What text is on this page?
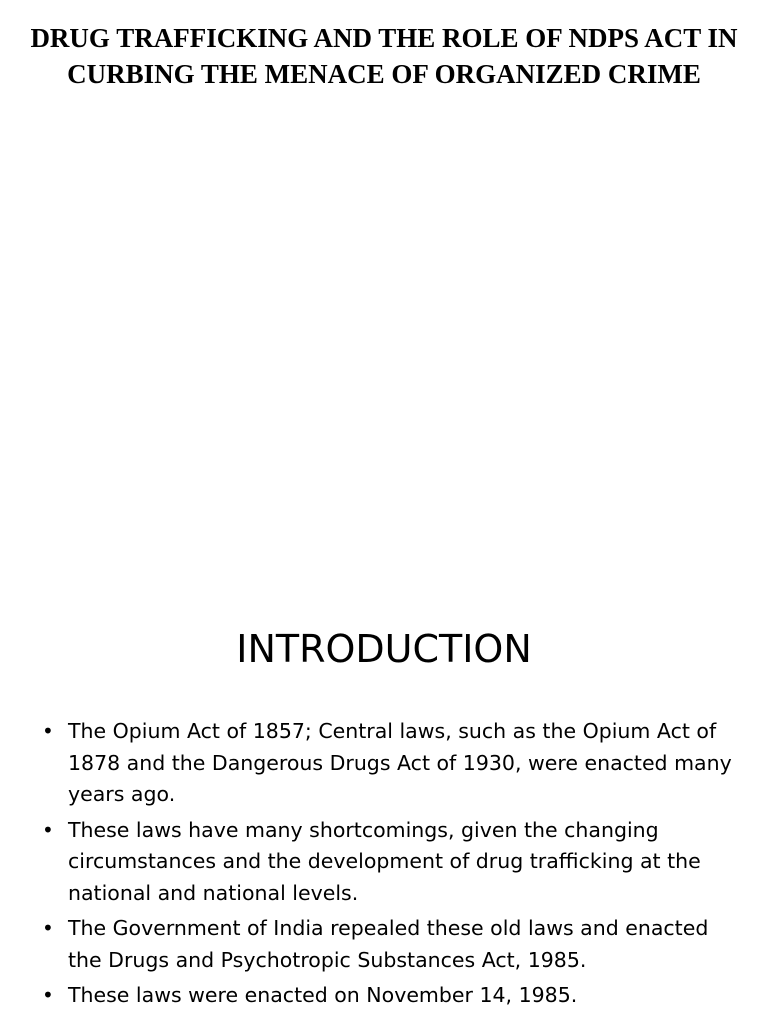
DRUG TRAFFICKING AND THE ROLE OF NDPS ACT IN CURBING THE MENACE OF ORGANIZED CRIME
INTRODUCTION
• The Opium Act of 1857; Central laws, such as the Opium Act of 1878 and the Dangerous Drugs Act of 1930, were enacted many years ago.
• These laws have many shortcomings, given the changing circumstances and the development of drug trafficking at the national and national levels.
• The Government of India repealed these old laws and enacted the Drugs and Psychotropic Substances Act, 1985.
• These laws were enacted on November 14, 1985.
